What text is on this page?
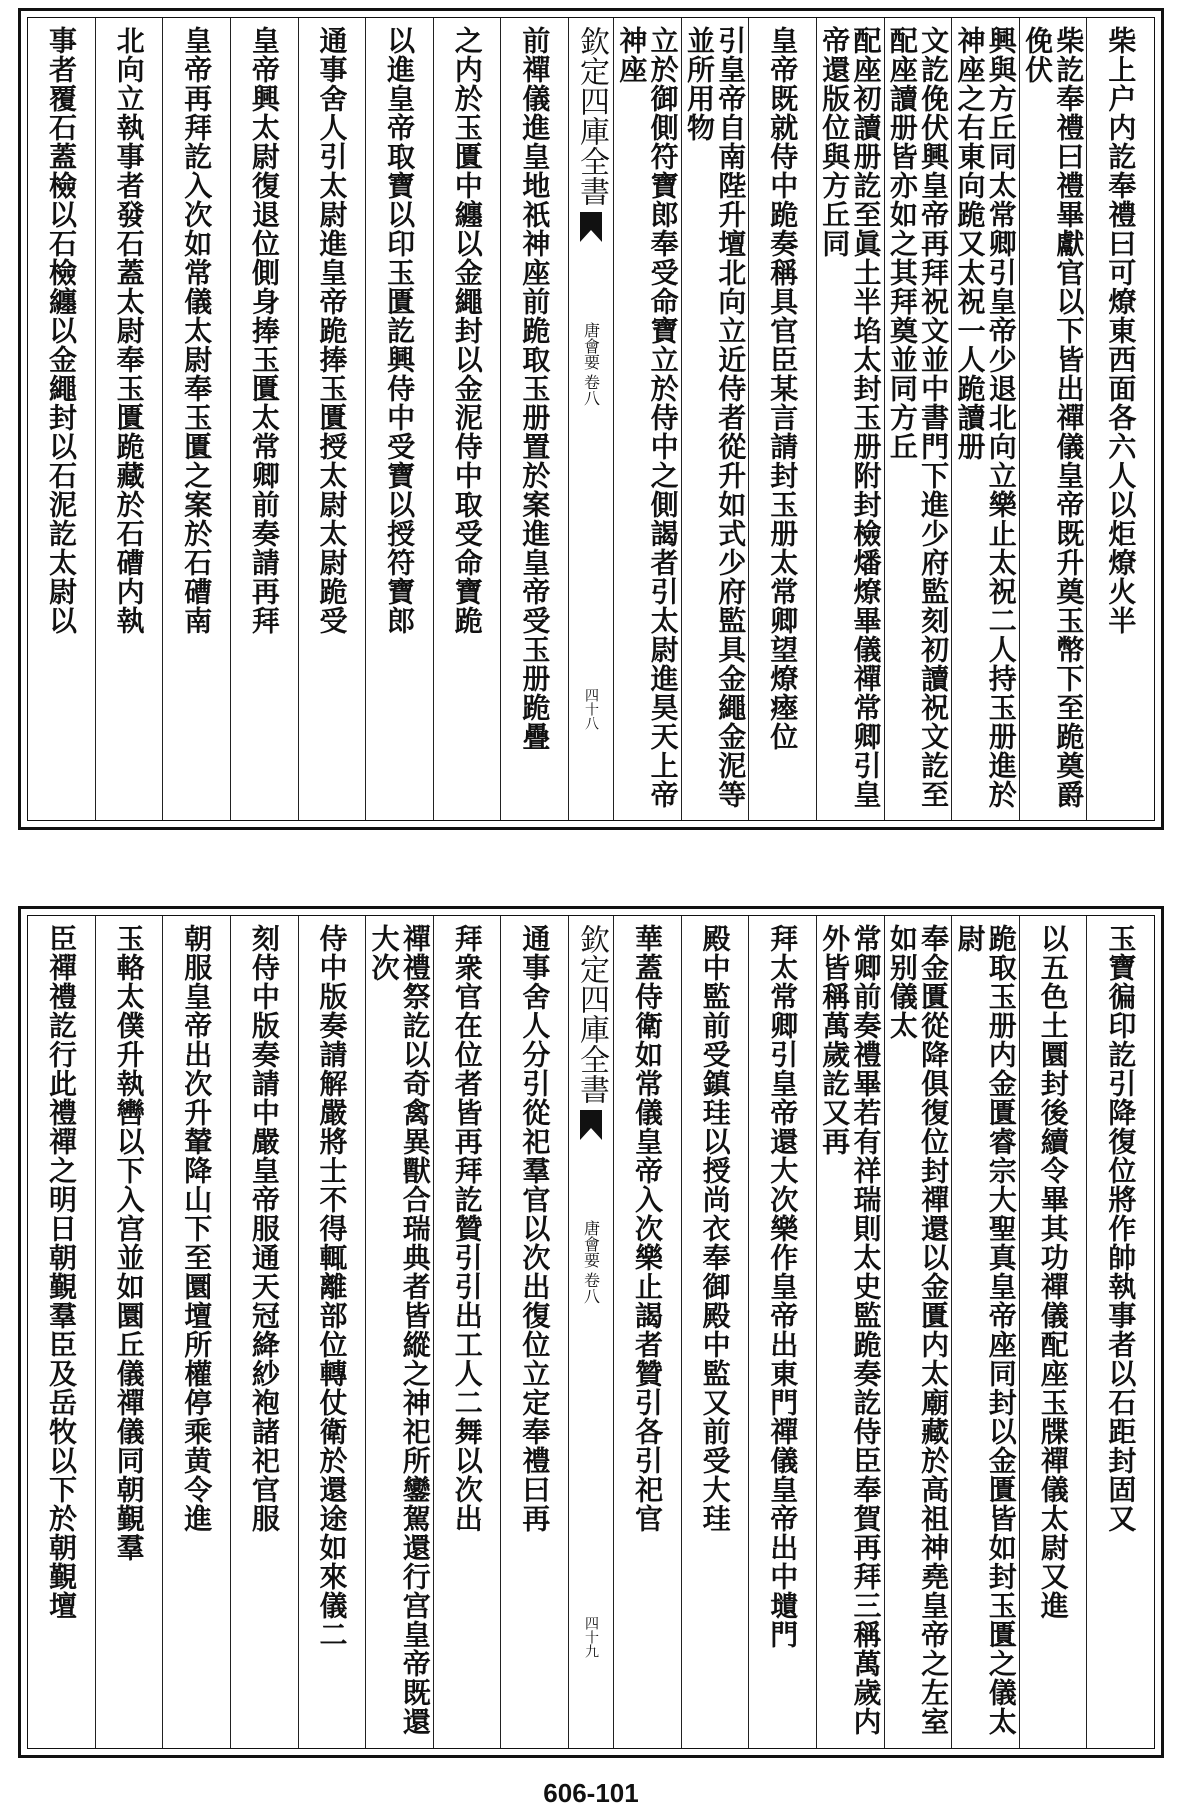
柴上户内訖奉禮曰可燎東西面各六人以炬燎火半
柴訖奉禮曰禮畢獻官以下皆出禪儀皇帝既升奠玉幣下至跪奠爵俛伏
興與方丘同太常卿引皇帝少退北向立樂止太祝二人持玉册進於神座之右東向跪又太祝一人跪讀册
文訖俛伏興皇帝再拜祝文並中書門下進少府監刻初讀祝文訖至配座讀册皆亦如之其拜奠並同方丘
配座初讀册訖至眞土半埳太封玉册附封檢燔燎畢儀禪常卿引皇帝還版位與方丘同
皇帝既就侍中跪奏稱具官臣某言請封玉册太常卿望燎瘞位
引皇帝自南陛升壇北向立近侍者從升如式少府監具金繩金泥等並所用物
立於御側符寶郎奉受命寶立於侍中之側謁者引太尉進昊天上帝神座
欽定四庫全書
唐會要
卷八
四十八
前禪儀進皇地祇神座前跪取玉册置於案進皇帝受玉册跪疊
之内於玉匱中纏以金繩封以金泥侍中取受命寶跪
以進皇帝取寶以印玉匱訖興侍中受寶以授符寶郎
通事舍人引太尉進皇帝跪捧玉匱授太尉太尉跪受
皇帝興太尉復退位側身捧玉匱太常卿前奏請再拜
皇帝再拜訖入次如常儀太尉奉玉匱之案於石𥕢南
北向立執事者發石蓋太尉奉玉匱跪藏於石𥕢内執
事者覆石蓋檢以石檢纏以金繩封以石泥訖太尉以
玉寶徧印訖引降復位將作帥執事者以石距封固又
以五色土圜封後續令畢其功禪儀配座玉牒禪儀太尉又進
跪取玉册内金匱睿宗大聖真皇帝座同封以金匱皆如封玉匱之儀太尉
奉金匱從降俱復位封禪還以金匱内太廟藏於高祖神堯皇帝之左室如别儀太
常卿前奏禮畢若有祥瑞則太史監跪奏訖侍臣奉賀再拜三稱萬歲内外皆稱萬歲訖又再
拜太常卿引皇帝還大次樂作皇帝出東門禪儀皇帝出中壝門
殿中監前受鎮珪以授尚衣奉御殿中監又前受大珪
華蓋侍衛如常儀皇帝入次樂止謁者贊引各引祀官
欽定四庫全書
唐會要
卷八
四十九
通事舍人分引從祀羣官以次出復位立定奉禮曰再
拜衆官在位者皆再拜訖贊引引出工人二舞以次出
禪禮祭訖以奇禽異獸合瑞典者皆縱之神祀所鑾駕還行宫皇帝既還大次
侍中版奏請解嚴將士不得輒離部位轉仗衛於還途如來儀二
刻侍中版奏請中嚴皇帝服通天冠絳紗袍諸祀官服
朝服皇帝出次升輦降山下至圜壇所權停乘黄令進
玉輅太僕升執轡以下入宫並如圜丘儀禪儀同朝覲羣
臣禪禮訖行此禮禪之明日朝覲羣臣及岳牧以下於朝覲壇
606-101
